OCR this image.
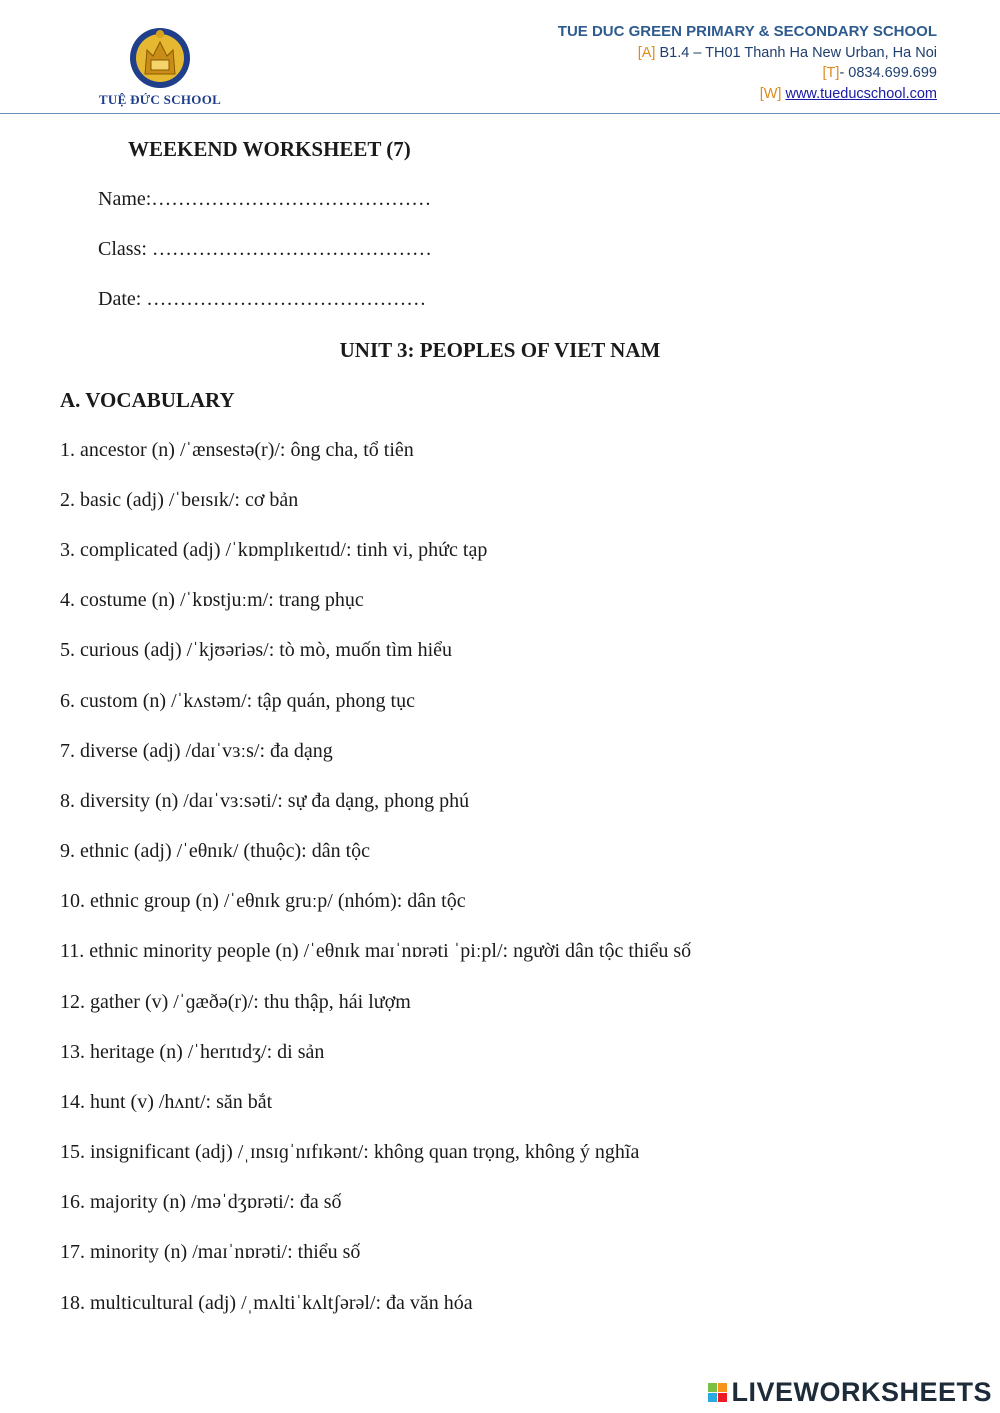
TUỆ ĐỨC SCHOOL
TUE DUC GREEN PRIMARY & SECONDARY SCHOOL
[A] B1.4 – TH01 Thanh Ha New Urban, Ha Noi
[T]- 0834.699.699
[W] www.tueducschool.com
WEEKEND WORKSHEET (7)
Name:……………………………………
Class: ……………………………………
Date: ……………………………………
UNIT 3: PEOPLES OF VIET NAM
A. VOCABULARY
1. ancestor (n) /ˈænsestə(r)/: ông cha, tổ tiên
2. basic (adj) /ˈbeɪsɪk/: cơ bản
3. complicated (adj) /ˈkɒmplɪkeɪtɪd/: tinh vi, phức tạp
4. costume (n) /ˈkɒstjuːm/: trang phục
5. curious (adj) /ˈkjʊəriəs/: tò mò, muốn tìm hiểu
6. custom (n) /ˈkʌstəm/: tập quán, phong tục
7. diverse (adj) /daɪˈvɜːs/: đa dạng
8. diversity (n) /daɪˈvɜːsəti/: sự đa dạng, phong phú
9. ethnic (adj) /ˈeθnɪk/ (thuộc): dân tộc
10. ethnic group (n) /ˈeθnɪk gruːp/ (nhóm): dân tộc
11. ethnic minority people (n) /ˈeθnɪk maɪˈnɒrəti ˈpiːpl/: người dân tộc thiểu số
12. gather (v) /ˈɡæðə(r)/: thu thập, hái lượm
13. heritage (n) /ˈherɪtɪdʒ/: di sản
14. hunt (v) /hʌnt/: săn bắt
15. insignificant (adj) /ˌɪnsɪɡˈnɪfɪkənt/: không quan trọng, không ý nghĩa
16. majority (n) /məˈdʒɒrəti/: đa số
17. minority (n) /maɪˈnɒrəti/: thiểu số
18. multicultural (adj) /ˌmʌltiˈkʌltʃərəl/: đa văn hóa
LIVEWORKSHEETS
